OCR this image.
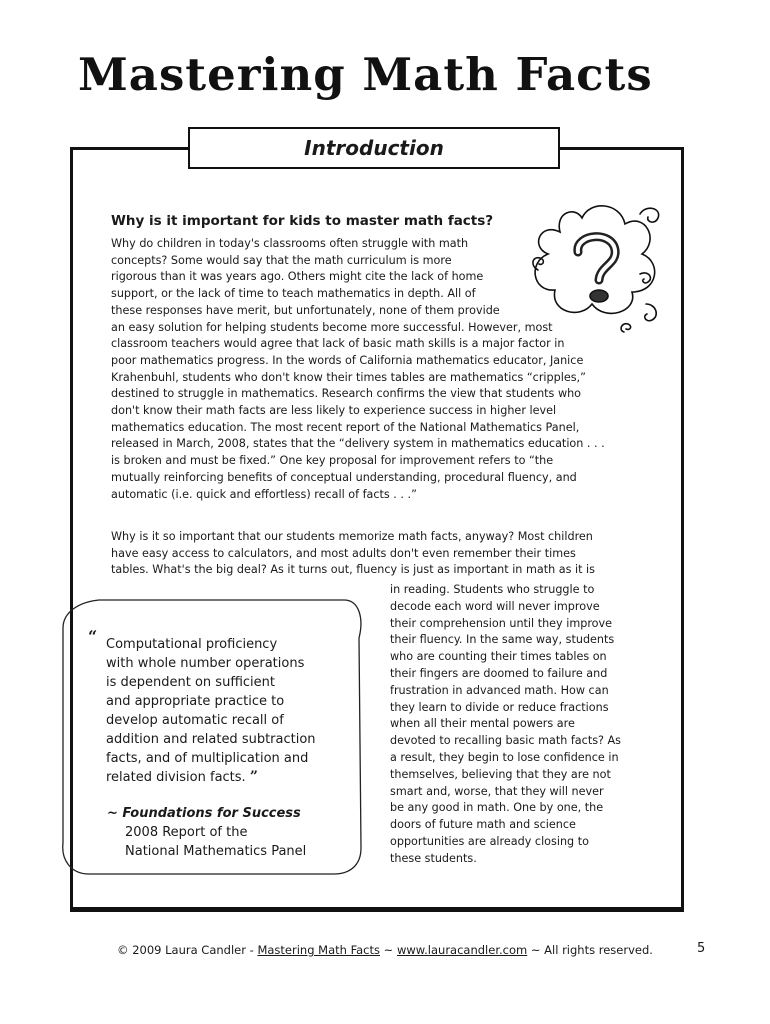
Mastering Math Facts
Introduction
Why is it important for kids to master math facts?

Why do children in today's classrooms often struggle with math
concepts? Some would say that the math curriculum is more
rigorous than it was years ago. Others might cite the lack of home
support, or the lack of time to teach mathematics in depth. All of
these responses have merit, but unfortunately, none of them provide
an easy solution for helping students become more successful. However, most
classroom teachers would agree that lack of basic math skills is a major factor in
poor mathematics progress. In the words of California mathematics educator, Janice
Krahenbuhl, students who don't know their times tables are mathematics “cripples,”
destined to struggle in mathematics. Research confirms the view that students who
don't know their math facts are less likely to experience success in higher level
mathematics education. The most recent report of the National Mathematics Panel,
released in March, 2008, states that the “delivery system in mathematics education . . .
is broken and must be fixed.” One key proposal for improvement refers to “the
mutually reinforcing benefits of conceptual understanding, procedural fluency, and
automatic (i.e. quick and effortless) recall of facts . . .”

Why is it so important that our students memorize math facts, anyway? Most children
have easy access to calculators, and most adults don't even remember their times
tables. What's the big deal? As it turns out, fluency is just as important in math as it is

“ Computational proficiency
with whole number operations
is dependent on sufficient
and appropriate practice to
develop automatic recall of
addition and related subtraction
facts, and of multiplication and
related division facts. ”

~ Foundations for Success
2008 Report of the
National Mathematics Panel

in reading. Students who struggle to
decode each word will never improve
their comprehension until they improve
their fluency. In the same way, students
who are counting their times tables on
their fingers are doomed to failure and
frustration in advanced math. How can
they learn to divide or reduce fractions
when all their mental powers are
devoted to recalling basic math facts? As
a result, they begin to lose confidence in
themselves, believing that they are not
smart and, worse, that they will never
be any good in math. One by one, the
doors of future math and science
opportunities are already closing to
these students.

© 2009 Laura Candler - Mastering Math Facts ~ www.lauracandler.com ~ All rights reserved.	5
